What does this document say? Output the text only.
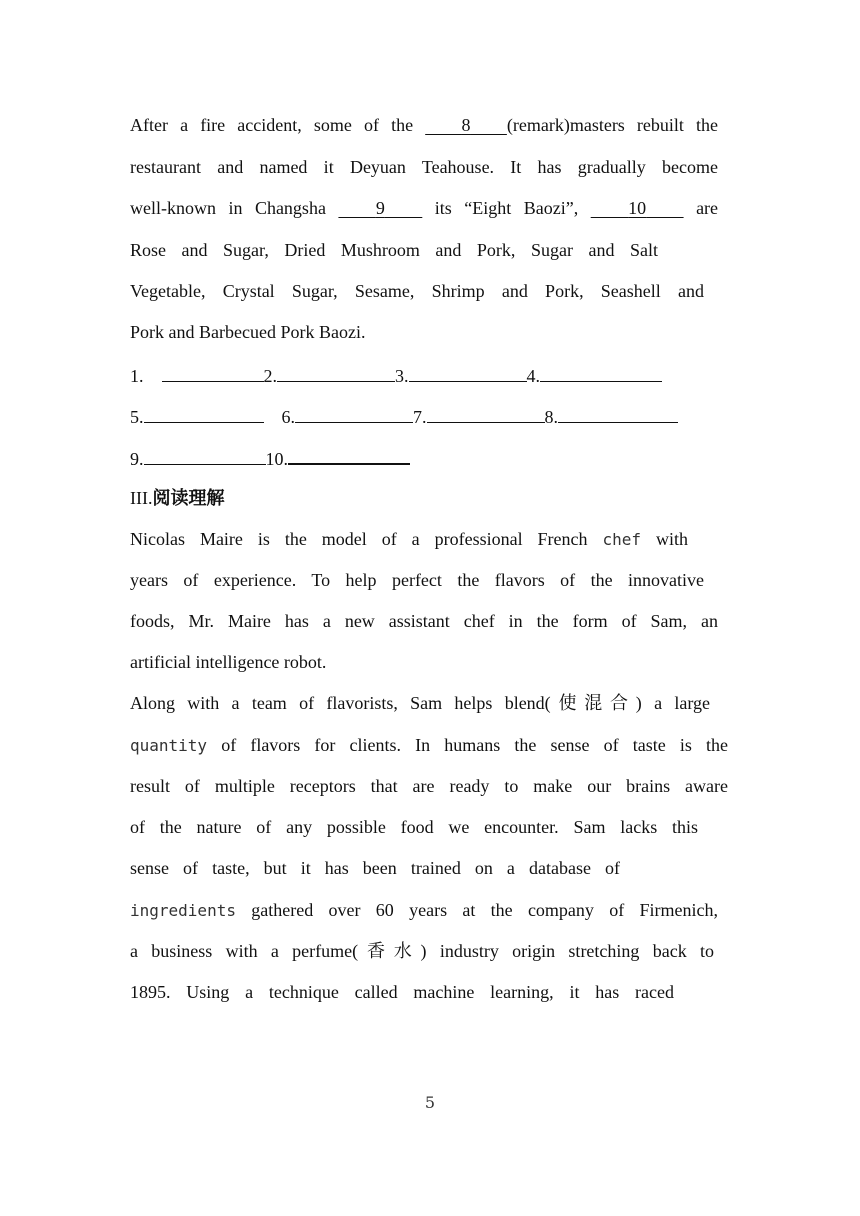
After a fire accident, some of the	8 (remark)masters rebuilt the
restaurant and named it Deyuan Teahouse. It has gradually become
well-known in Changsha	9	its “Eight Baozi”,	10	are
Rose and Sugar, Dried Mushroom and Pork, Sugar and Salt
Vegetable, Crystal Sugar, Sesame, Shrimp and Pork, Seashell and
Pork and Barbecued Pork Baozi.
1.	2.	3.	4.
5.	6.	7.	8.
9.	10.
III.阅读理解
Nicolas Maire is the model of a professional French chef with
years of experience. To help perfect the flavors of the innovative
foods, Mr. Maire has a new assistant chef in the form of Sam, an
artificial intelligence robot.
Along with a team of flavorists, Sam helps blend(使混合) a large
quantity of flavors for clients. In humans the sense of taste is the
result of multiple receptors that are ready to make our brains aware
of the nature of any possible food we encounter. Sam lacks this
sense of taste, but it has been trained on a database of
ingredients gathered over 60 years at the company of Firmenich,
a business with a perfume(香水) industry origin stretching back to
1895. Using a technique called machine learning, it has raced
5
